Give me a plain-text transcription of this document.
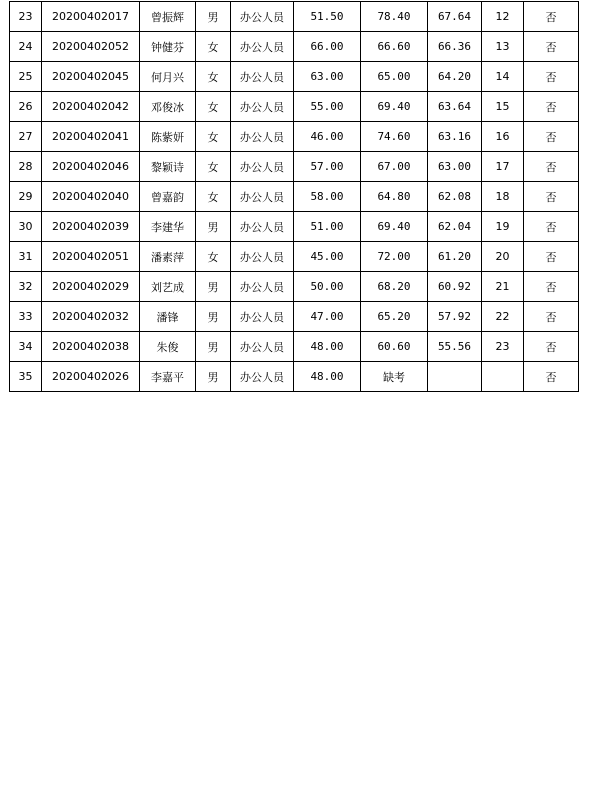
23	20200402017	曾振辉	男	办公人员	51.50	78.40	67.64	12	否
24	20200402052	钟健芬	女	办公人员	66.00	66.60	66.36	13	否
25	20200402045	何月兴	女	办公人员	63.00	65.00	64.20	14	否
26	20200402042	邓俊冰	女	办公人员	55.00	69.40	63.64	15	否
27	20200402041	陈紫妍	女	办公人员	46.00	74.60	63.16	16	否
28	20200402046	黎颖诗	女	办公人员	57.00	67.00	63.00	17	否
29	20200402040	曾嘉韵	女	办公人员	58.00	64.80	62.08	18	否
30	20200402039	李建华	男	办公人员	51.00	69.40	62.04	19	否
31	20200402051	潘素萍	女	办公人员	45.00	72.00	61.20	20	否
32	20200402029	刘艺成	男	办公人员	50.00	68.20	60.92	21	否
33	20200402032	潘锋	男	办公人员	47.00	65.20	57.92	22	否
34	20200402038	朱俊	男	办公人员	48.00	60.60	55.56	23	否
35	20200402026	李嘉平	男	办公人员	48.00	缺考			否
